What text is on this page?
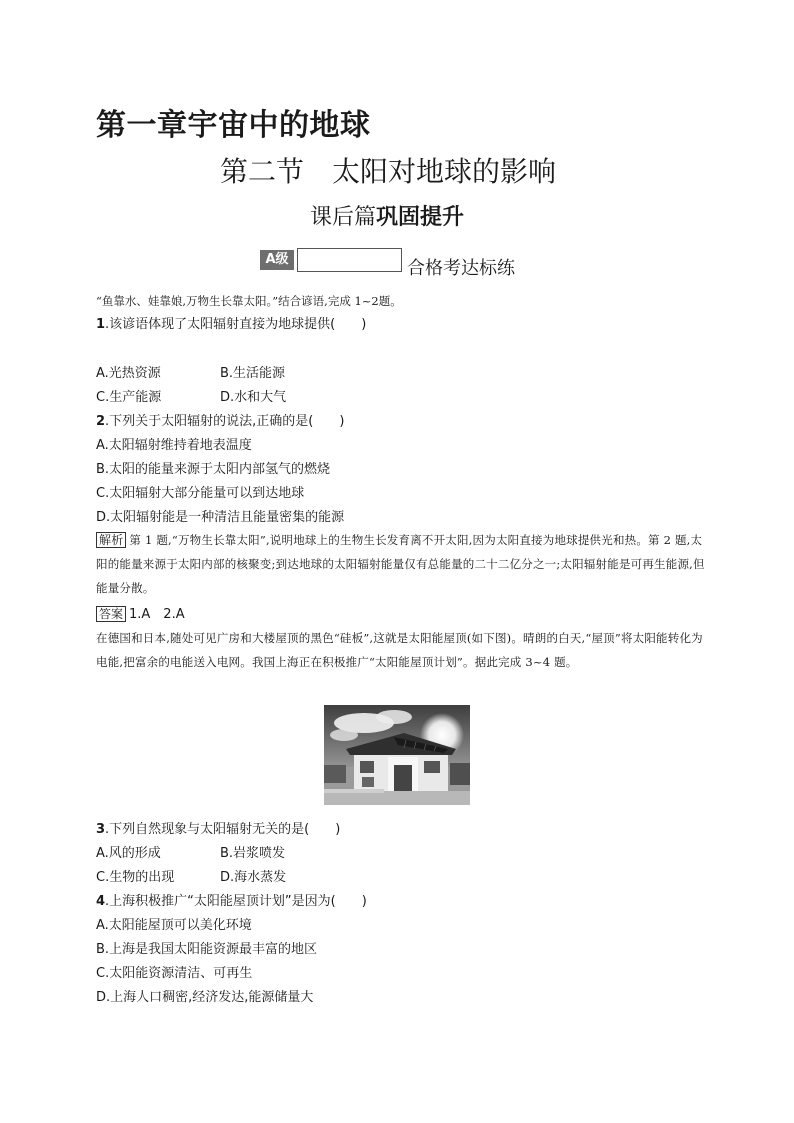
第一章宇宙中的地球
第二节　太阳对地球的影响
课后篇巩固提升
A级	合格考达标练
“鱼靠水、娃靠娘,万物生长靠太阳。”结合谚语,完成 1~2题。
1.该谚语体现了太阳辐射直接为地球提供(　　)
A.光热资源	B.生活能源
C.生产能源	D.水和大气
2.下列关于太阳辐射的说法,正确的是(　　)
A.太阳辐射维持着地表温度
B.太阳的能量来源于太阳内部氢气的燃烧
C.太阳辐射大部分能量可以到达地球
D.太阳辐射能是一种清洁且能量密集的能源
解析 第 1 题,“万物生长靠太阳”,说明地球上的生物生长发育离不开太阳,因为太阳直接为地球提供光和热。第 2 题,太阳的能量来源于太阳内部的核聚变;到达地球的太阳辐射能量仅有总能量的二十二亿分之一;太阳辐射能是可再生能源,但能量分散。
答案 1.A　2.A
在德国和日本,随处可见广房和大楼屋顶的黑色“硅板”,这就是太阳能屋顶(如下图)。晴朗的白天,“屋顶”将太阳能转化为电能,把富余的电能送入电网。我国上海正在积极推广“太阳能屋顶计划”。据此完成 3~4 题。
3.下列自然现象与太阳辐射无关的是(　　)
A.风的形成	B.岩浆喷发
C.生物的出现	D.海水蒸发
4.上海积极推广“太阳能屋顶计划”是因为(　　)
A.太阳能屋顶可以美化环境
B.上海是我国太阳能资源最丰富的地区
C.太阳能资源清洁、可再生
D.上海人口稠密,经济发达,能源储量大
